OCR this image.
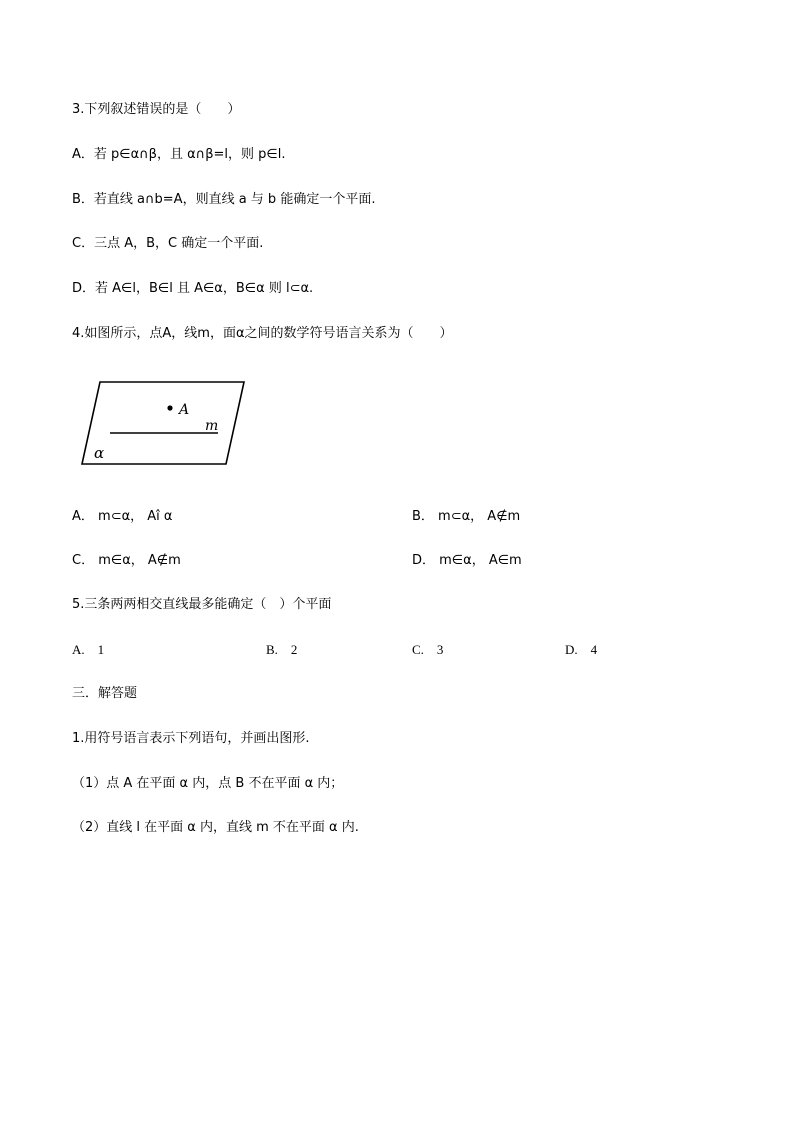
3.下列叙述错误的是（　　）
A．若 p∈α∩β，且 α∩β=l，则 p∈l.
B．若直线 a∩b=A，则直线 a 与 b 能确定一个平面.
C．三点 A，B，C 确定一个平面.
D．若 A∈l，B∈l 且 A∈α，B∈α 则 l⊂α.
4.如图所示，点A，线m，面α之间的数学符号语言关系为（　　）
A
m
α
A． m⊂α， Aî α	B． m⊂α， A∉m
C． m∈α， A∉m	D． m∈α， A∈m
5.三条两两相交直线最多能确定（　）个平面
A.　1	B.　2	C.　3	D.　4
三．解答题
1.用符号语言表示下列语句，并画出图形.
（1）点 A 在平面 α 内，点 B 不在平面 α 内；
（2）直线 l 在平面 α 内，直线 m 不在平面 α 内.
